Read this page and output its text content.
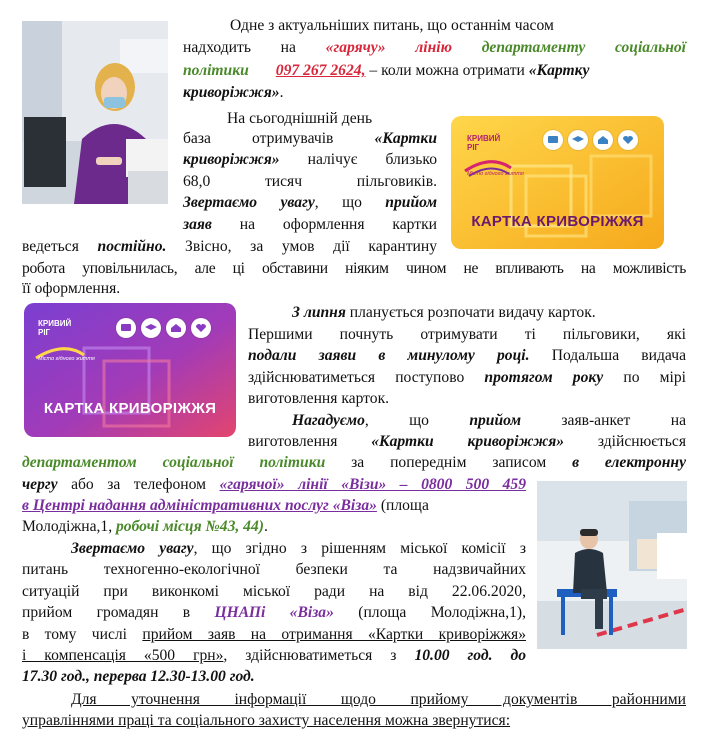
КРИВИЙ
РІГ
Місто гідного життя
КАРТКА КРИВОРІЖЖЯ
КРИВИЙ
РІГ
Місто гідного життя
КАРТКА КРИВОРІЖЖЯ
Одне з актуальніших питань, що останнім часом
надходить на «гарячу» лінію департаменту соціальної
політики 097 267 2624, – коли можна отримати «Картку
криворіжжя».
На сьогоднішній день
база отримувачів «Картки
криворіжжя» налічує близько
68,0 тисяч пільговиків.
Звертаємо увагу, що прийом
заяв на оформлення картки
ведеться постійно. Звісно, за умов дії карантину
робота уповільнилась, але ці обставини ніяким чином не впливають на можливість
її оформлення.
З липня планується розпочати видачу карток.
Першими почнуть отримувати ті пільговики, які
подали заяви в минулому році. Подальша видача
здійснюватиметься поступово протягом року по мірі
виготовлення карток.
Нагадуємо, що прийом заяв-анкет на
виготовлення «Картки криворіжжя» здійснюється
департаментом соціальної політики за попереднім записом в електронну
чергу або за телефоном «гарячої» лінії «Візи» – 0800 500 459
в Центрі надання адміністративних послуг «Віза» (площа
Молодіжна,1, робочі місця №43, 44).
Звертаємо увагу, що згідно з рішенням міської комісії з
питань техногенно-екологічної безпеки та надзвичайних
ситуацій при виконкомі міської ради на від 22.06.2020,
прийом громадян в ЦНАПі «Віза» (площа Молодіжна,1),
в тому числі прийом заяв на отримання «Картки криворіжжя»
і компенсація «500 грн», здійснюватиметься з 10.00 год. до
17.30 год., перерва 12.30-13.00 год.
Для уточнення інформації щодо прийому документів районними
управліннями праці та соціального захисту населення можна звернутися:
